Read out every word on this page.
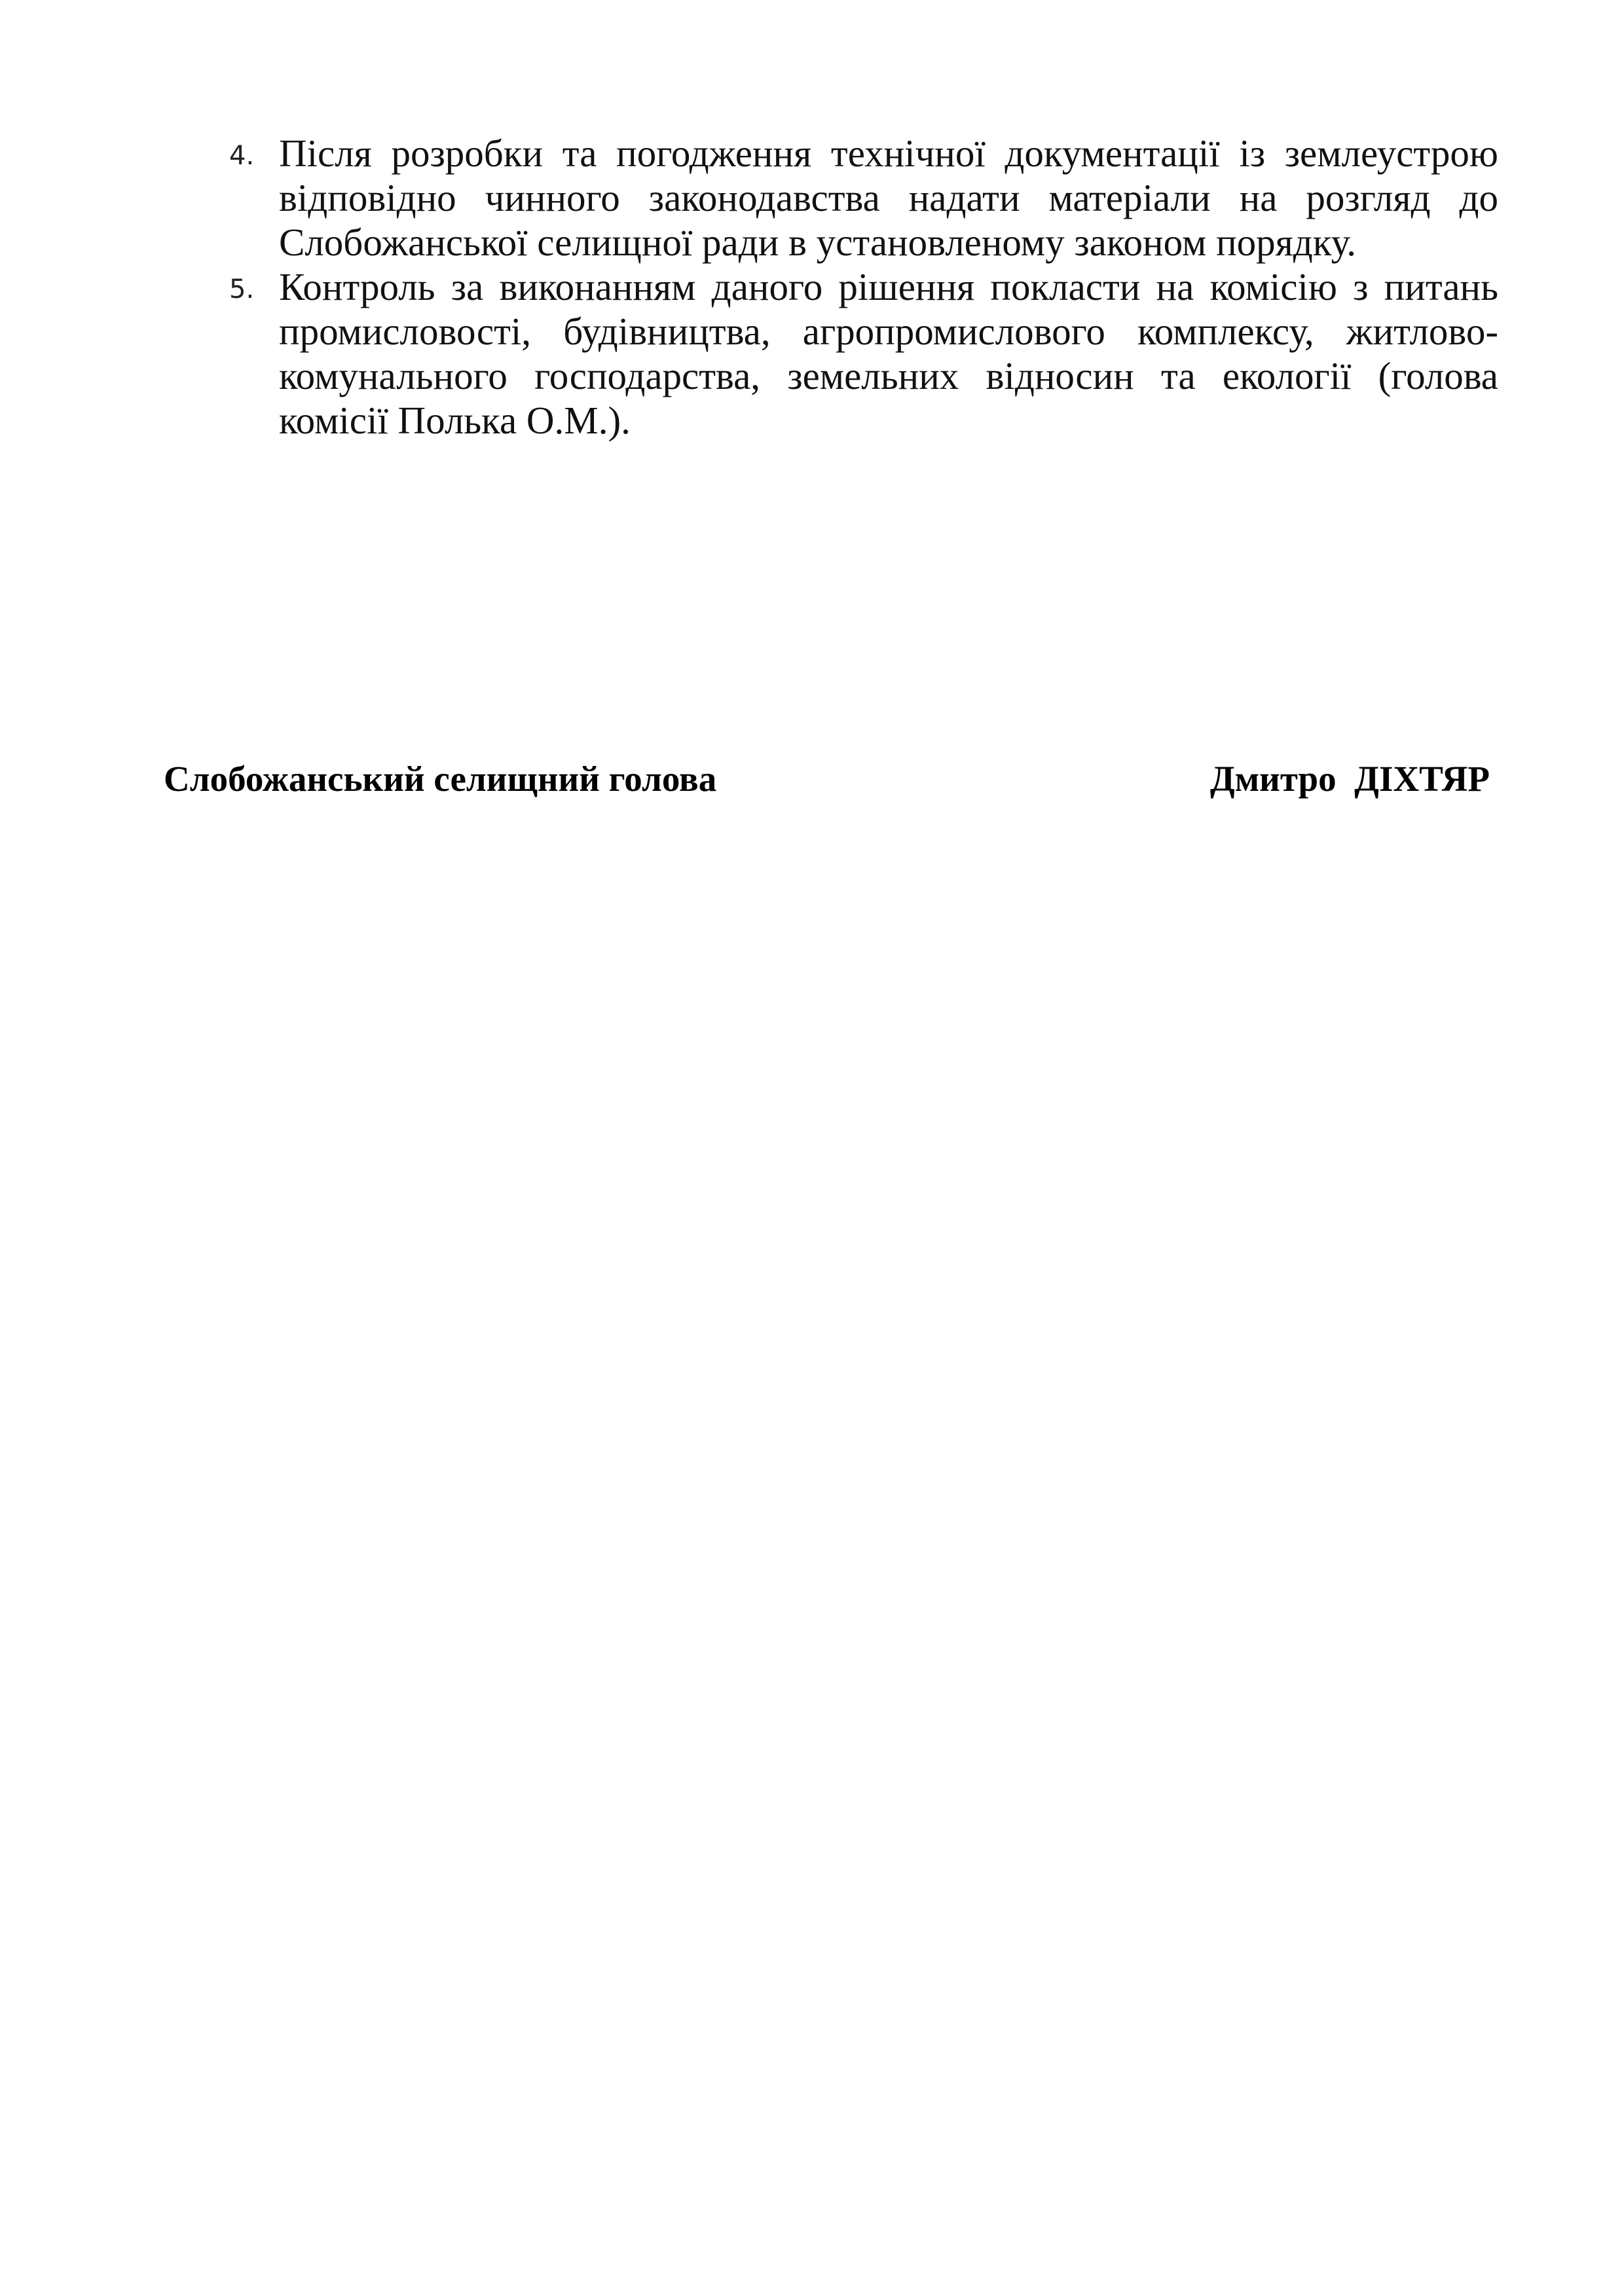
4. Після розробки та погодження технічної документації із землеустрою відповідно чинного законодавства надати матеріали на розгляд до Слобожанської селищної ради в установленому законом порядку.
5. Контроль за виконанням даного рішення покласти на комісію з питань промисловості, будівництва, агропромислового комплексу, житлово-комунального господарства, земельних відносин та екології (голова комісії Полька О.М.).
Слобожанський селищний голова	Дмитро  ДІХТЯР
